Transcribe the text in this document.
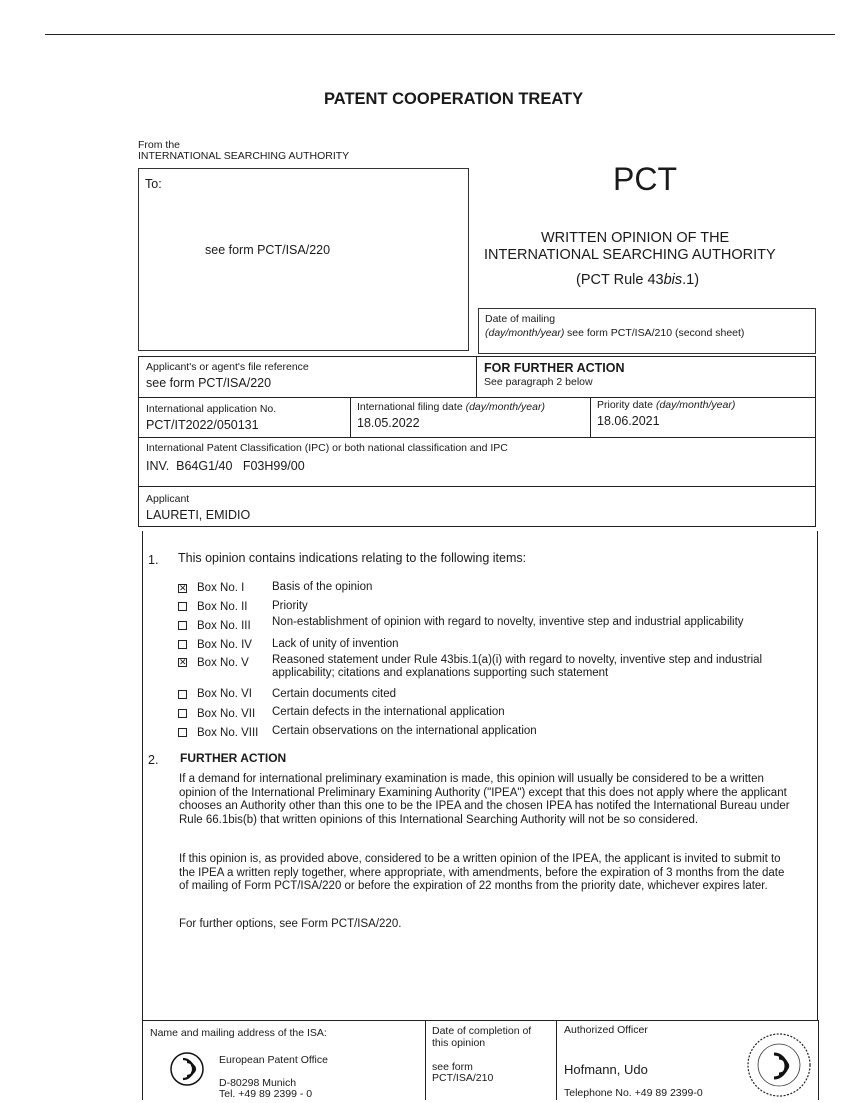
PATENT COOPERATION TREATY
From the
INTERNATIONAL SEARCHING AUTHORITY
To:
see form PCT/ISA/220
PCT
WRITTEN OPINION OF THE
INTERNATIONAL SEARCHING AUTHORITY
(PCT Rule 43bis.1)
Date of mailing
(day/month/year) see form PCT/ISA/210 (second sheet)
Applicant's or agent's file reference
see form PCT/ISA/220
FOR FURTHER ACTION
See paragraph 2 below
International application No.
PCT/IT2022/050131
International filing date (day/month/year)
18.05.2022
Priority date (day/month/year)
18.06.2021
International Patent Classification (IPC) or both national classification and IPC
INV.  B64G1/40   F03H99/00
Applicant
LAURETI, EMIDIO
1. This opinion contains indications relating to the following items:
✕ Box No. I Basis of the opinion
Box No. II Priority
Box No. III Non-establishment of opinion with regard to novelty, inventive step and industrial applicability
Box No. IV Lack of unity of invention
✕ Box No. V Reasoned statement under Rule 43bis.1(a)(i) with regard to novelty, inventive step and industrial
applicability; citations and explanations supporting such statement
Box No. VI Certain documents cited
Box No. VII Certain defects in the international application
Box No. VIII Certain observations on the international application
2. FURTHER ACTION
If a demand for international preliminary examination is made, this opinion will usually be considered to be a written opinion of the International Preliminary Examining Authority ("IPEA") except that this does not apply where the applicant chooses an Authority other than this one to be the IPEA and the chosen IPEA has notifed the International Bureau under Rule 66.1bis(b) that written opinions of this International Searching Authority will not be so considered.
If this opinion is, as provided above, considered to be a written opinion of the IPEA, the applicant is invited to submit to the IPEA a written reply together, where appropriate, with amendments, before the expiration of 3 months from the date of mailing of Form PCT/ISA/220 or before the expiration of 22 months from the priority date, whichever expires later.
For further options, see Form PCT/ISA/220.
Name and mailing address of the ISA:
European Patent Office
D-80298 Munich
Tel. +49 89 2399 - 0
Date of completion of
this opinion
see form
PCT/ISA/210
Authorized Officer
Hofmann, Udo
Telephone No. +49 89 2399-0
